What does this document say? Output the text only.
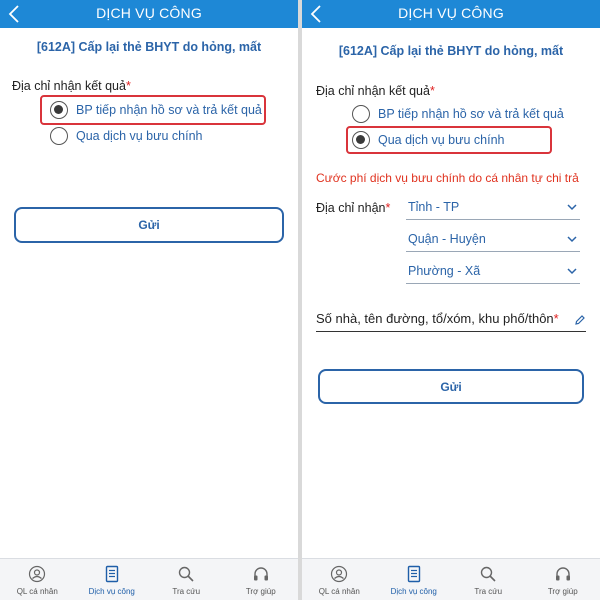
DỊCH VỤ CÔNG
[612A] Cấp lại thẻ BHYT do hỏng, mất
Địa chỉ nhận kết quả*
BP tiếp nhận hồ sơ và trả kết quả
Qua dịch vụ bưu chính
Gửi
QL cá nhân	Dịch vụ công	Tra cứu	Trợ giúp
DỊCH VỤ CÔNG
[612A] Cấp lại thẻ BHYT do hỏng, mất
Địa chỉ nhận kết quả*
BP tiếp nhận hồ sơ và trả kết quả
Qua dịch vụ bưu chính
Cước phí dịch vụ bưu chính do cá nhân tự chi trả
Địa chỉ nhận* Tỉnh - TP
Quận - Huyện
Phường - Xã
Số nhà, tên đường, tổ/xóm, khu phố/thôn*
Gửi
QL cá nhân	Dịch vụ công	Tra cứu	Trợ giúp
